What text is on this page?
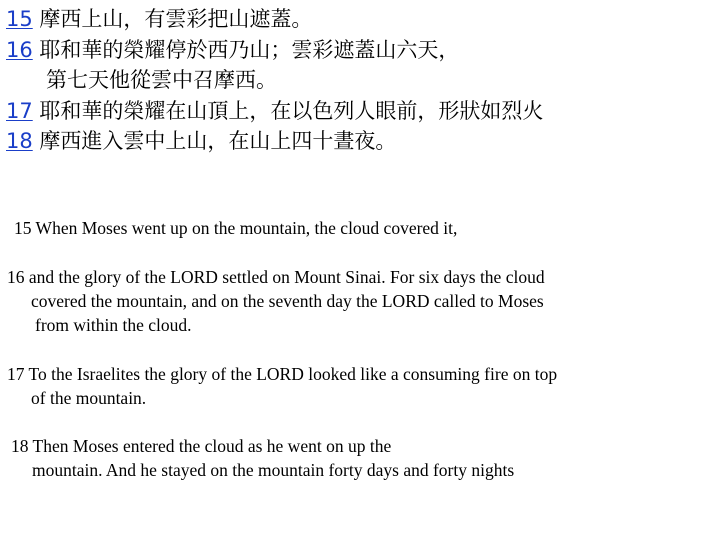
15 摩西上山，有雲彩把山遮蓋。
16 耶和華的榮耀停於西乃山；雲彩遮蓋山六天，
第七天他從雲中召摩西。
17 耶和華的榮耀在山頂上，在以色列人眼前，形狀如烈火
18 摩西進入雲中上山，在山上四十晝夜。
15 When Moses went up on the mountain, the cloud covered it,
16 and the glory of the LORD settled on Mount Sinai. For six days the cloud
covered the mountain, and on the seventh day the LORD called to Moses
from within the cloud.
17 To the Israelites the glory of the LORD looked like a consuming fire on top
of the mountain.
18 Then Moses entered the cloud as he went on up the
mountain. And he stayed on the mountain forty days and forty nights
